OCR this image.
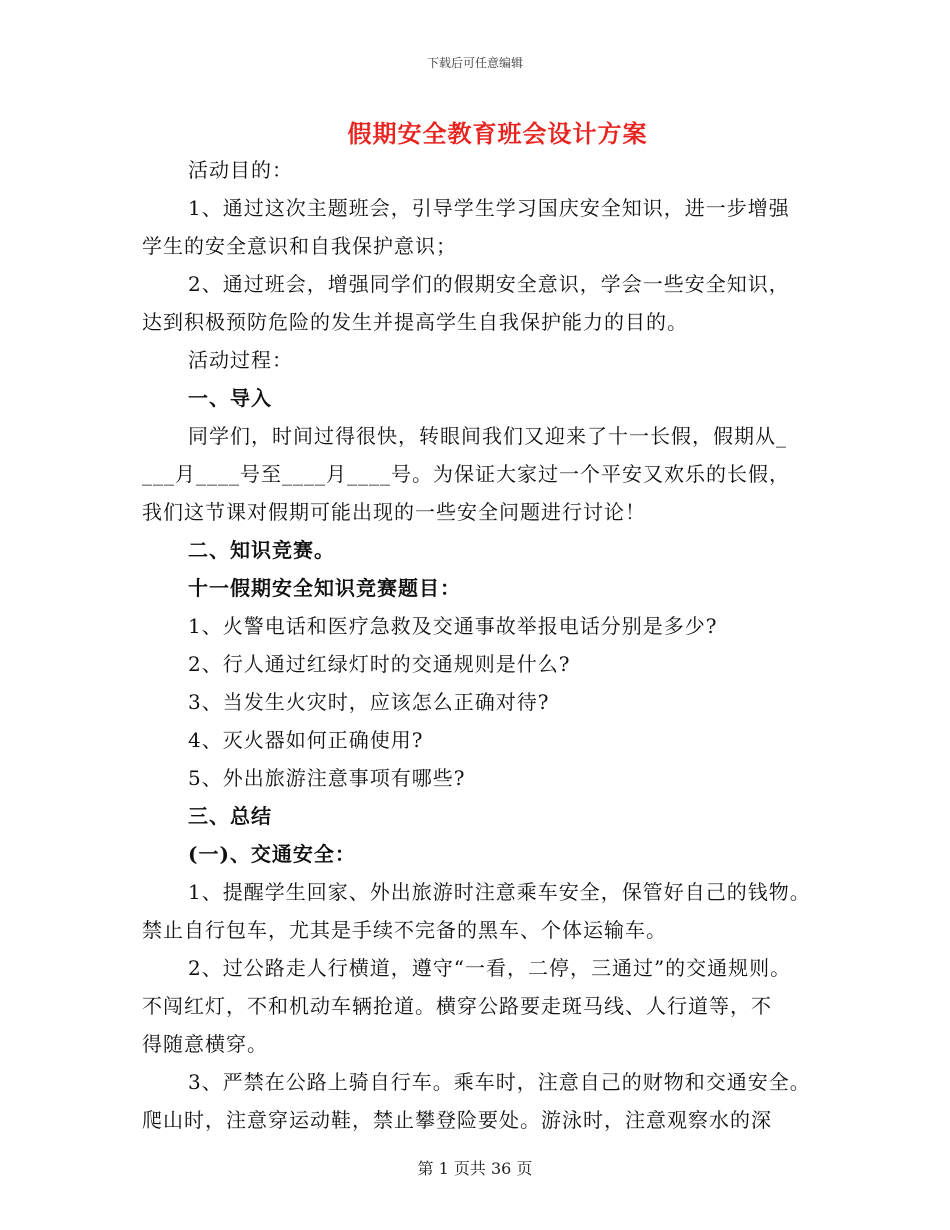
下载后可任意编辑
假期安全教育班会设计方案
活动目的：
1、通过这次主题班会，引导学生学习国庆安全知识，进一步增强
学生的安全意识和自我保护意识；
2、通过班会，增强同学们的假期安全意识，学会一些安全知识，
达到积极预防危险的发生并提高学生自我保护能力的目的。
活动过程：
一、导入
同学们，时间过得很快，转眼间我们又迎来了十一长假，假期从_
___月____号至____月____号。为保证大家过一个平安又欢乐的长假，
我们这节课对假期可能出现的一些安全问题进行讨论！
二、知识竞赛。
十一假期安全知识竞赛题目：
1、火警电话和医疗急救及交通事故举报电话分别是多少?
2、行人通过红绿灯时的交通规则是什么?
3、当发生火灾时，应该怎么正确对待?
4、灭火器如何正确使用?
5、外出旅游注意事项有哪些?
三、总结
(一)、交通安全：
1、提醒学生回家、外出旅游时注意乘车安全，保管好自己的钱物。
禁止自行包车，尤其是手续不完备的黑车、个体运输车。
2、过公路走人行横道，遵守“一看，二停，三通过”的交通规则。
不闯红灯，不和机动车辆抢道。横穿公路要走斑马线、人行道等，不
得随意横穿。
3、严禁在公路上骑自行车。乘车时，注意自己的财物和交通安全。
爬山时，注意穿运动鞋，禁止攀登险要处。游泳时，注意观察水的深
第 1 页共 36 页
